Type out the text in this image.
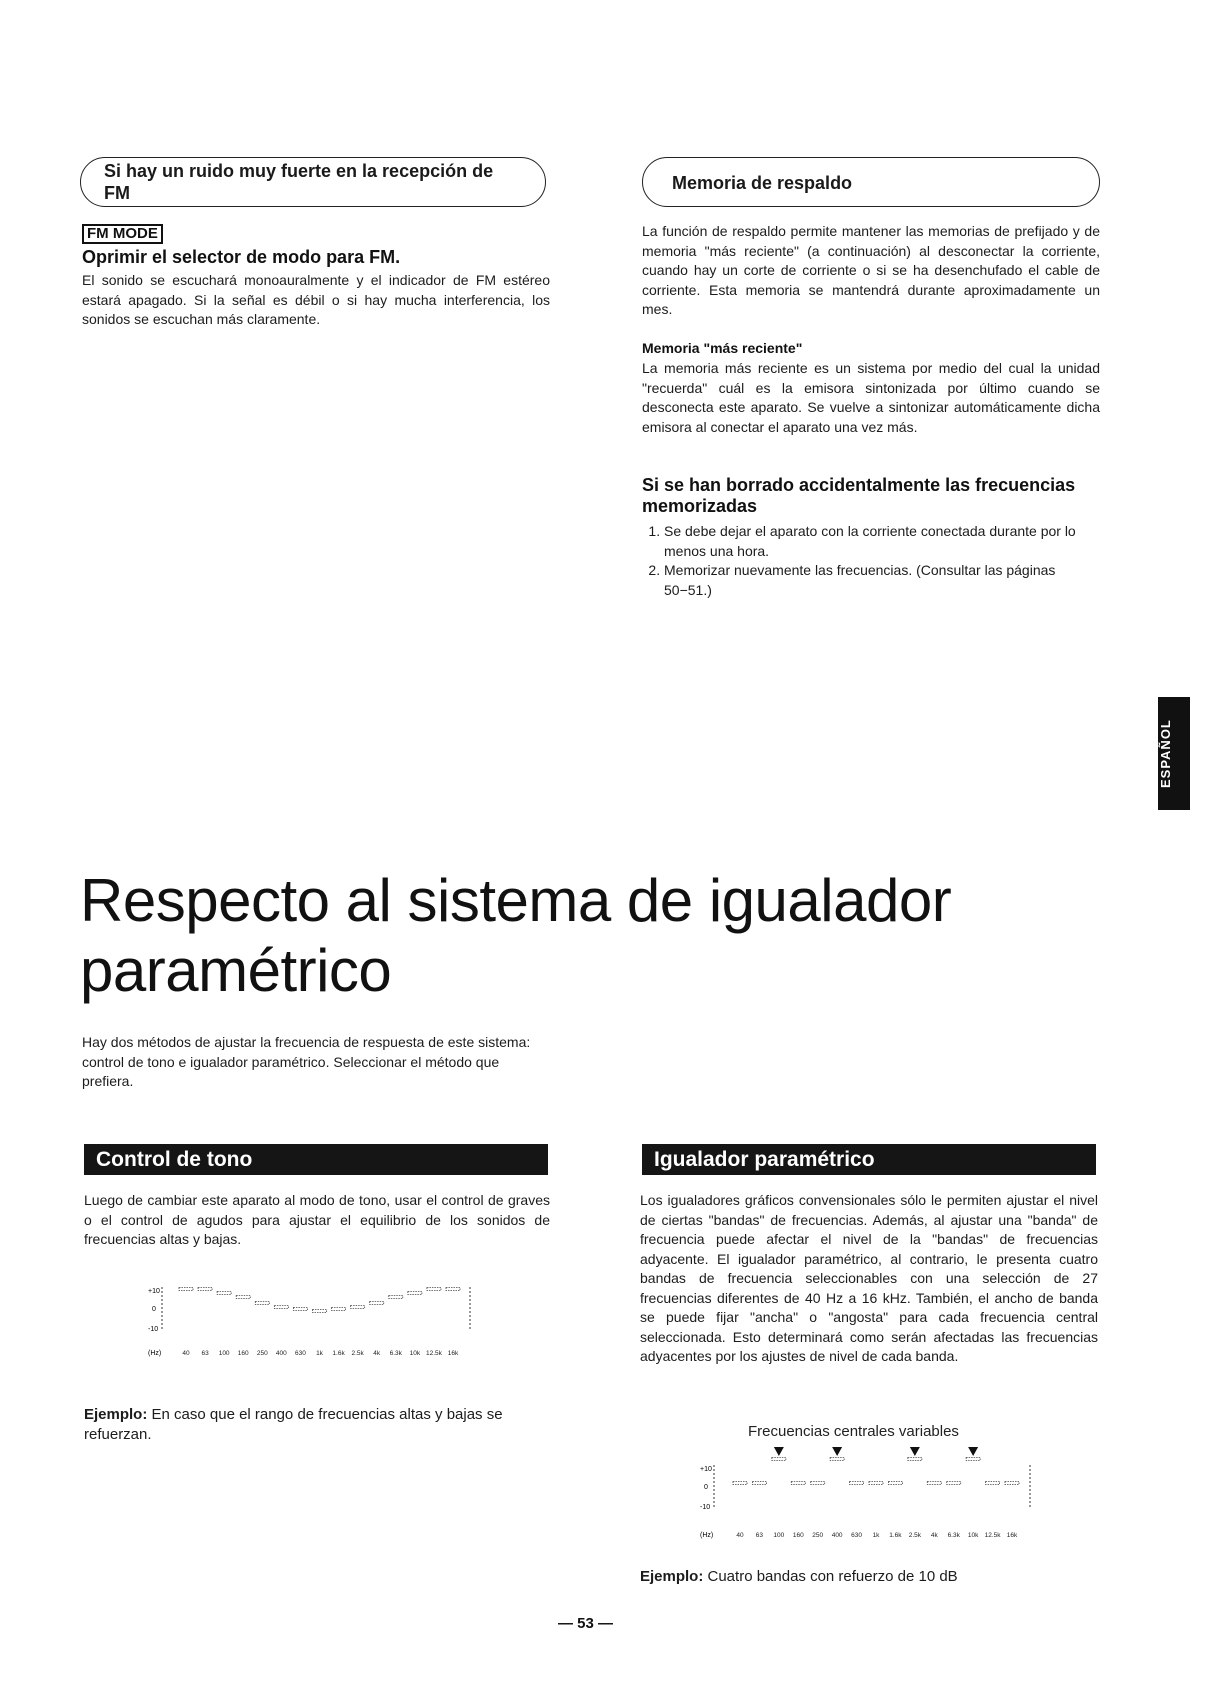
Si hay un ruido muy fuerte en la recepción de FM
FM MODE
Oprimir el selector de modo para FM.
El sonido se escuchará monoauralmente y el indicador de FM estéreo estará apagado. Si la señal es débil o si hay mucha interferencia, los sonidos se escuchan más claramente.
Memoria de respaldo
La función de respaldo permite mantener las memorias de prefijado y de memoria "más reciente" (a continuación) al desconectar la corriente, cuando hay un corte de corriente o si se ha desenchufado el cable de corriente. Esta memoria se mantendrá durante aproximadamente un mes.
Memoria "más reciente"
La memoria más reciente es un sistema por medio del cual la unidad "recuerda" cuál es la emisora sintonizada por último cuando se desconecta este aparato. Se vuelve a sintonizar automáticamente dicha emisora al conectar el aparato una vez más.
Si se han borrado accidentalmente las frecuencias memorizadas
1. Se debe dejar el aparato con la corriente conectada durante por lo menos una hora.
2. Memorizar nuevamente las frecuencias. (Consultar las páginas 50−51.)
ESPAÑOL
Respecto al sistema de igualador paramétrico
Hay dos métodos de ajustar la frecuencia de respuesta de este sistema: control de tono e igualador paramétrico. Seleccionar el método que prefiera.
Control de tono
Luego de cambiar este aparato al modo de tono, usar el control de graves o el control de agudos para ajustar el equilibrio de los sonidos de frecuencias altas y bajas.
+10
0
-10
40 63 100 160 250 400 630 1k 1.6k 2.5k 4k 6.3k 10k 12.5k 16k
(Hz)
Ejemplo: En caso que el rango de frecuencias altas y bajas se refuerzan.
Igualador paramétrico
Los igualadores gráficos convensionales sólo le permiten ajustar el nivel de ciertas "bandas" de frecuencias. Además, al ajustar una "banda" de frecuencia puede afectar el nivel de la "bandas" de frecuencias adyacente. El igualador paramétrico, al contrario, le presenta cuatro bandas de frecuencia seleccionables con una selección de 27 frecuencias diferentes de 40 Hz a 16 kHz. También, el ancho de banda se puede fijar "ancha" o "angosta" para cada frecuencia central seleccionada. Esto determinará como serán afectadas las frecuencias adyacentes por los ajustes de nivel de cada banda.
Frecuencias centrales variables
+10
0
-10
40 63 100 160 250 400 630 1k 1.6k 2.5k 4k 6.3k 10k 12.5k 16k
(Hz)
Ejemplo: Cuatro bandas con refuerzo de 10 dB
— 53 —
